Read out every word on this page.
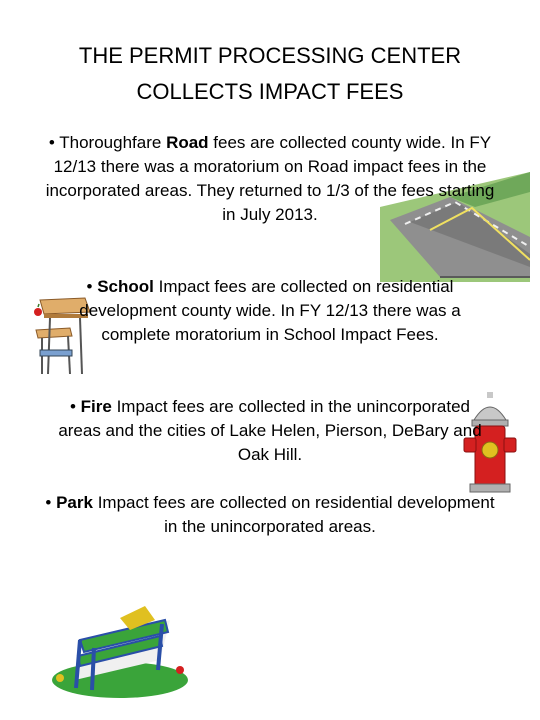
THE PERMIT PROCESSING CENTER
COLLECTS IMPACT FEES
• Thoroughfare Road fees are collected county wide. In FY 12/13 there was a moratorium on Road impact fees in the incorporated areas. They returned to 1/3 of the fees starting in July 2013.
• School Impact fees are collected on residential development county wide. In FY 12/13 there was a complete moratorium in School Impact Fees.
• Fire Impact fees are collected in the unincorporated areas and the cities of Lake Helen, Pierson, DeBary and Oak Hill.
• Park Impact fees are collected on residential development in the unincorporated areas.
